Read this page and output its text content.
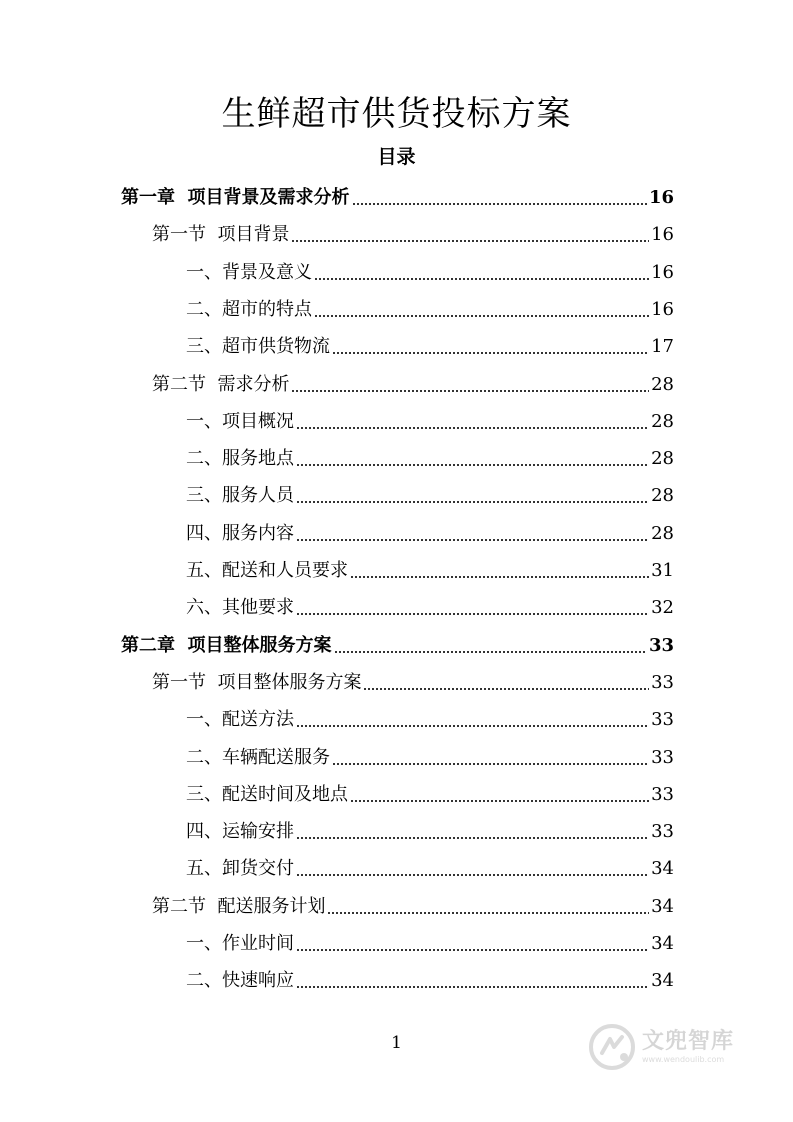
生鲜超市供货投标方案
目录
第一章  项目背景及需求分析	16
第一节  项目背景	16
一、背景及意义	16
二、超市的特点	16
三、超市供货物流	17
第二节  需求分析	28
一、项目概况	28
二、服务地点	28
三、服务人员	28
四、服务内容	28
五、配送和人员要求	31
六、其他要求	32
第二章  项目整体服务方案	33
第一节  项目整体服务方案	33
一、配送方法	33
二、车辆配送服务	33
三、配送时间及地点	33
四、运输安排	33
五、卸货交付	34
第二节  配送服务计划	34
一、作业时间	34
二、快速响应	34
1	文兜智库
www.wendoulib.com
